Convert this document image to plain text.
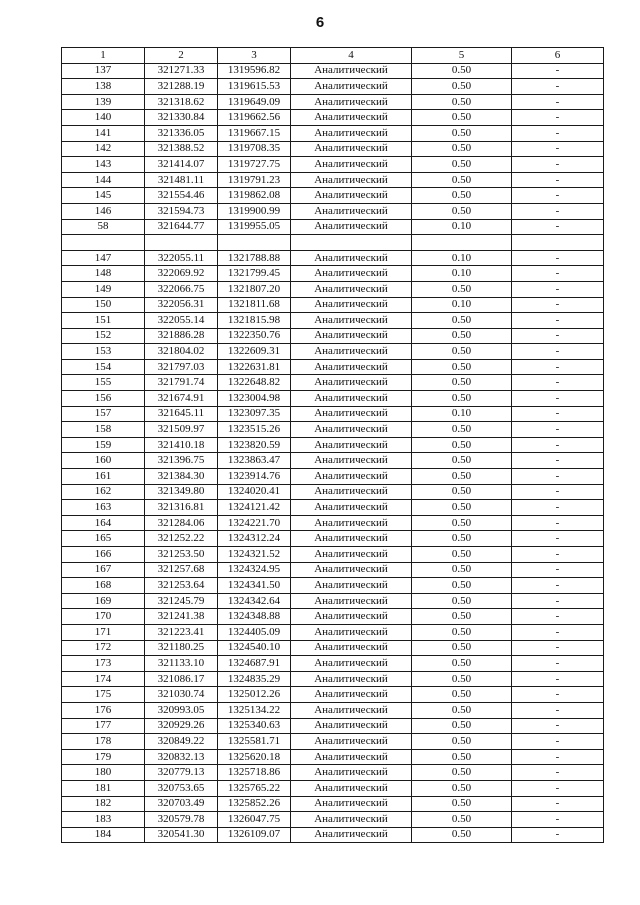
6
1	2	3	4	5	6
137	321271.33	1319596.82	Аналитический	0.50	-
138	321288.19	1319615.53	Аналитический	0.50	-
139	321318.62	1319649.09	Аналитический	0.50	-
140	321330.84	1319662.56	Аналитический	0.50	-
141	321336.05	1319667.15	Аналитический	0.50	-
142	321388.52	1319708.35	Аналитический	0.50	-
143	321414.07	1319727.75	Аналитический	0.50	-
144	321481.11	1319791.23	Аналитический	0.50	-
145	321554.46	1319862.08	Аналитический	0.50	-
146	321594.73	1319900.99	Аналитический	0.50	-
58	321644.77	1319955.05	Аналитический	0.10	-

147	322055.11	1321788.88	Аналитический	0.10	-
148	322069.92	1321799.45	Аналитический	0.10	-
149	322066.75	1321807.20	Аналитический	0.50	-
150	322056.31	1321811.68	Аналитический	0.10	-
151	322055.14	1321815.98	Аналитический	0.50	-
152	321886.28	1322350.76	Аналитический	0.50	-
153	321804.02	1322609.31	Аналитический	0.50	-
154	321797.03	1322631.81	Аналитический	0.50	-
155	321791.74	1322648.82	Аналитический	0.50	-
156	321674.91	1323004.98	Аналитический	0.50	-
157	321645.11	1323097.35	Аналитический	0.10	-
158	321509.97	1323515.26	Аналитический	0.50	-
159	321410.18	1323820.59	Аналитический	0.50	-
160	321396.75	1323863.47	Аналитический	0.50	-
161	321384.30	1323914.76	Аналитический	0.50	-
162	321349.80	1324020.41	Аналитический	0.50	-
163	321316.81	1324121.42	Аналитический	0.50	-
164	321284.06	1324221.70	Аналитический	0.50	-
165	321252.22	1324312.24	Аналитический	0.50	-
166	321253.50	1324321.52	Аналитический	0.50	-
167	321257.68	1324324.95	Аналитический	0.50	-
168	321253.64	1324341.50	Аналитический	0.50	-
169	321245.79	1324342.64	Аналитический	0.50	-
170	321241.38	1324348.88	Аналитический	0.50	-
171	321223.41	1324405.09	Аналитический	0.50	-
172	321180.25	1324540.10	Аналитический	0.50	-
173	321133.10	1324687.91	Аналитический	0.50	-
174	321086.17	1324835.29	Аналитический	0.50	-
175	321030.74	1325012.26	Аналитический	0.50	-
176	320993.05	1325134.22	Аналитический	0.50	-
177	320929.26	1325340.63	Аналитический	0.50	-
178	320849.22	1325581.71	Аналитический	0.50	-
179	320832.13	1325620.18	Аналитический	0.50	-
180	320779.13	1325718.86	Аналитический	0.50	-
181	320753.65	1325765.22	Аналитический	0.50	-
182	320703.49	1325852.26	Аналитический	0.50	-
183	320579.78	1326047.75	Аналитический	0.50	-
184	320541.30	1326109.07	Аналитический	0.50	-
